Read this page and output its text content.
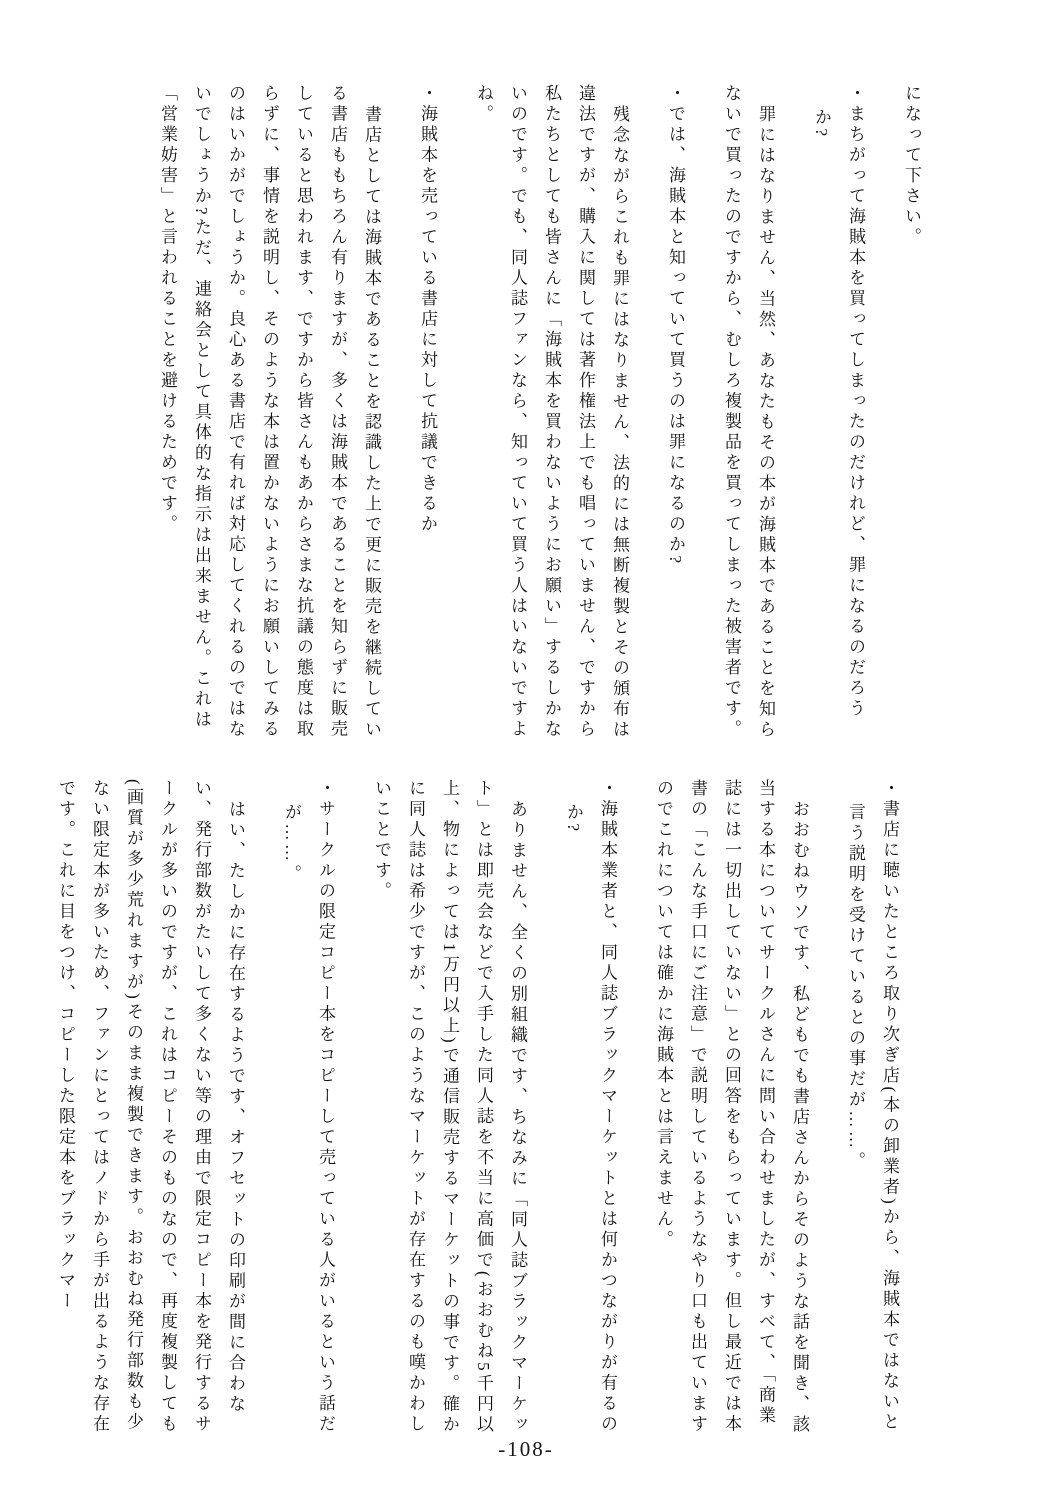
になって下さい。

・まちがって海賊本を買ってしまったのだけれど、罪になるのだろうか?

罪にはなりません、当然、あなたもその本が海賊本であることを知らないで買ったのですから、むしろ複製品を買ってしまった被害者です。

・では、海賊本と知っていて買うのは罪になるのか?

残念ながらこれも罪にはなりません、法的には無断複製とその頒布は違法ですが、購入に関しては著作権法上でも唱っていません、ですから私たちとしても皆さんに「海賊本を買わないようにお願い」するしかないのです。でも、同人誌ファンなら、知っていて買う人はいないですよね。

・海賊本を売っている書店に対して抗議できるか

書店としては海賊本であることを認識した上で更に販売を継続している書店ももちろん有りますが、多くは海賊本であることを知らずに販売していると思われます、ですから皆さんもあからさまな抗議の態度は取らずに、事情を説明し、そのような本は置かないようにお願いしてみるのはいかがでしょうか。良心ある書店で有れば対応してくれるのではないでしょうか?ただ、連絡会として具体的な指示は出来ません。これは「営業妨害」と言われることを避けるためです。

・書店に聴いたところ取り次ぎ店(本の卸業者)から、海賊本ではないと言う説明を受けているとの事だが……。

おおむねウソです、私どもでも書店さんからそのような話を聞き、該当する本についてサークルさんに問い合わせましたが、すべて、「商業誌には一切出していない」との回答をもらっています。但し最近では本書の「こんな手口にご注意」で説明しているようなやり口も出ていますのでこれについては確かに海賊本とは言えません。

・海賊本業者と、同人誌ブラックマーケットとは何かつながりが有るのか?

ありません、全くの別組織です、ちなみに「同人誌ブラックマーケット」とは即売会などで入手した同人誌を不当に高価で(おおむね5千円以上、物によっては1万円以上)で通信販売するマーケットの事です。確かに同人誌は希少ですが、このようなマーケットが存在するのも嘆かわしいことです。

・サークルの限定コピー本をコピーして売っている人がいるという話だが……。

はい、たしかに存在するようです、オフセットの印刷が間に合わない、発行部数がたいして多くない等の理由で限定コピー本を発行するサークルが多いのですが、これはコピーそのものなので、再度複製しても(画質が多少荒れますが)そのまま複製できます。おおむね発行部数も少ない限定本が多いため、ファンにとってはノドから手が出るような存在です。これに目をつけ、コピーした限定本をブラックマー

-108-
